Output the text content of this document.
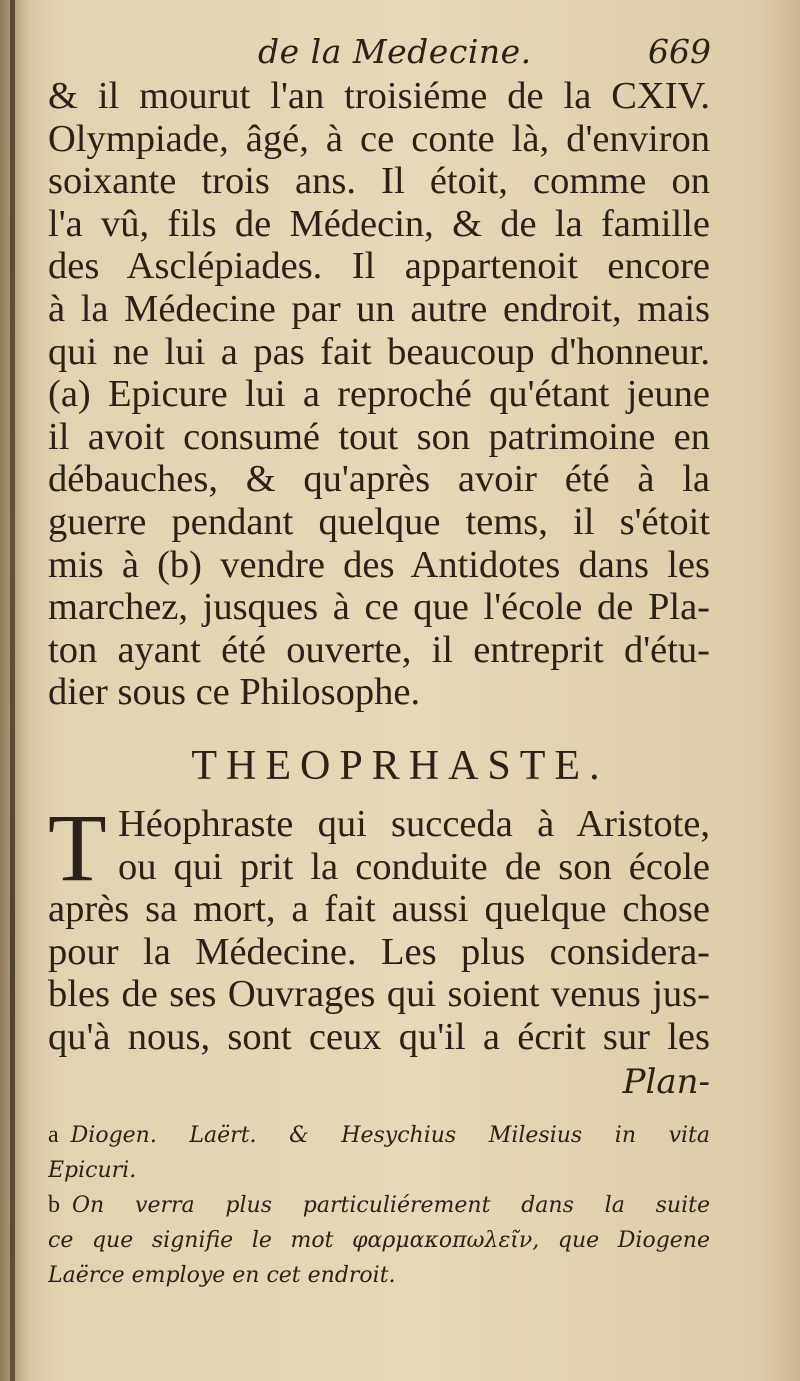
de la Medecine.	669
& il mourut l'an troisiéme de la CXIV.
Olympiade, âgé, à ce conte là, d'environ
soixante trois ans. Il étoit, comme on
l'a vû, fils de Médecin, & de la famille
des Asclépiades. Il appartenoit encore
à la Médecine par un autre endroit, mais
qui ne lui a pas fait beaucoup d'honneur.
(a) Epicure lui a reproché qu'étant jeune
il avoit consumé tout son patrimoine en
débauches, & qu'après avoir été à la
guerre pendant quelque tems, il s'étoit
mis à (b) vendre des Antidotes dans les
marchez, jusques à ce que l'école de Pla-
ton ayant été ouverte, il entreprit d'étu-
dier sous ce Philosophe.
THEOPRHASTE.
T Héophraste qui succeda à Aristote,
ou qui prit la conduite de son école
après sa mort, a fait aussi quelque chose
pour la Médecine. Les plus considera-
bles de ses Ouvrages qui soient venus jus-
qu'à nous, sont ceux qu'il a écrit sur les
Plan-
a Diogen. Laërt. & Hesychius Milesius in vita
Epicuri.
b On verra plus particuliérement dans la suite
ce que signifie le mot φαρμακοπωλεῖν, que Diogene
Laërce employe en cet endroit.
